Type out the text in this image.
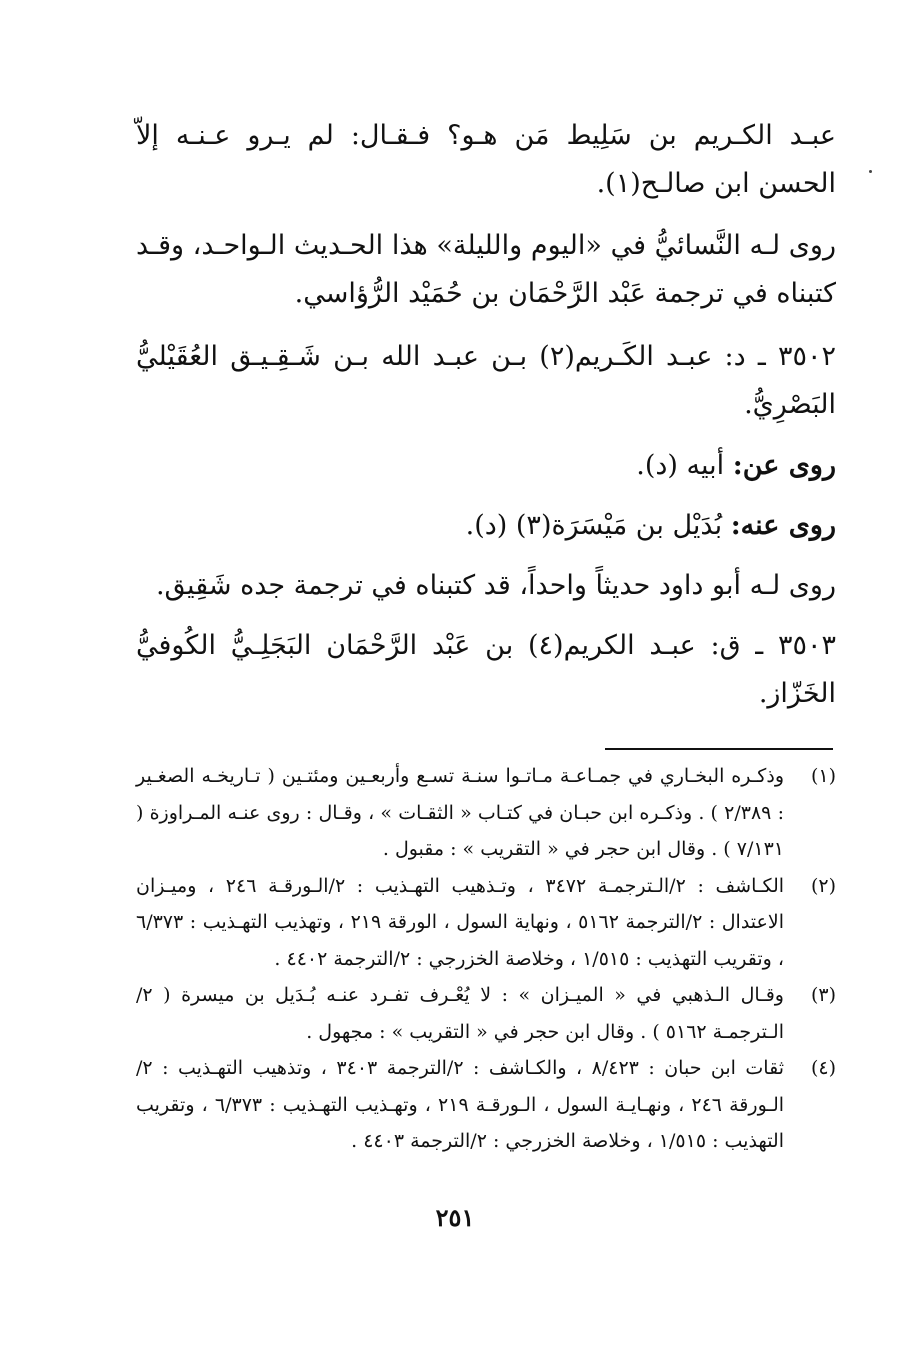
عبـد الكـريم بن سَلِيط مَن هـو؟ فـقـال: لم يـرو عـنـه إلاّ الحسن ابن صالـح(١).

روى لـه النَّسائيُّ في «اليوم والليلة» هذا الحـديث الـواحـد، وقـد كتبناه في ترجمة عَبْد الرَّحْمَان بن حُمَيْد الرُّؤاسي.

٣٥٠٢ ـ د: عبـد الكَـريم(٢) بـن عبـد الله بـن شَـقِـيـق العُقَيْليُّ البَصْرِيُّ.

روى عن: أبيه (د).

روى عنه: بُدَيْل بن مَيْسَرَة(٣) (د).

روى لـه أبو داود حديثاً واحداً، قد كتبناه في ترجمة جده شَقِيق.

٣٥٠٣ ـ ق: عبـد الكريم(٤) بن عَبْد الرَّحْمَان البَجَلِـيُّ الكُوفيُّ الخَزّاز.

(١)
وذكـره البخـاري في جمـاعـة مـاتـوا سنـة تسـع وأربعـين ومئتـين ( تـاريخـه الصغـير : ٢/٣٨٩ ) . وذكـره ابن حبـان في كتـاب « الثقـات » ، وقـال : روى عنـه المـراوزة ( ٧/١٣١ ) . وقال ابن حجر في « التقريب » : مقبول .
(٢)
الكـاشف : ٢/الـترجمـة ٣٤٧٢ ، وتـذهيب التهـذيب : ٢/الـورقـة ٢٤٦ ، وميـزان الاعتدال : ٢/الترجمة ٥١٦٢ ، ونهاية السول ، الورقة ٢١٩ ، وتهذيب التهـذيب : ٦/٣٧٣ ، وتقريب التهذيب : ١/٥١٥ ، وخلاصة الخزرجي : ٢/الترجمة ٤٤٠٢ .
(٣)
وقـال الـذهبي في « الميـزان » : لا يُعْـرف تفـرد عنـه بُـدَيل بن ميسرة ( ٢/الـترجمـة ٥١٦٢ ) . وقال ابن حجر في « التقريب » : مجهول .
(٤)
ثقات ابن حبان : ٨/٤٢٣ ، والكـاشف : ٢/الترجمة ٣٤٠٣ ، وتذهيب التهـذيب : ٢/الـورقة ٢٤٦ ، ونهـايـة السول ، الـورقـة ٢١٩ ، وتهـذيب التهـذيب : ٦/٣٧٣ ، وتقريب التهذيب : ١/٥١٥ ، وخلاصة الخزرجي : ٢/الترجمة ٤٤٠٣ .
٢٥١
